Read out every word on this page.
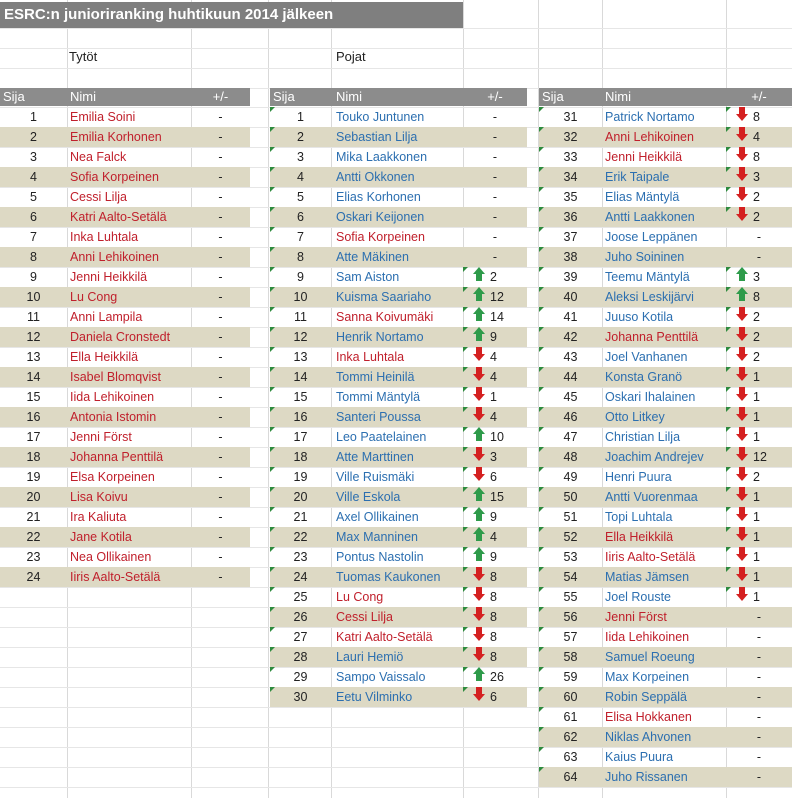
ESRC:n junioriranking huhtikuun 2014 jälkeen
Tytöt	Pojat
Sija	Nimi	+/-	Sija	Nimi	+/-	Sija	Nimi	+/-
1	Emilia Soini	-
2	Emilia Korhonen	-
3	Nea Falck	-
4	Sofia Korpeinen	-
5	Cessi Lilja	-
6	Katri Aalto-Setälä	-
7	Inka Luhtala	-
8	Anni Lehikoinen	-
9	Jenni Heikkilä	-
10	Lu Cong	-
11	Anni Lampila	-
12	Daniela Cronstedt	-
13	Ella Heikkilä	-
14	Isabel Blomqvist	-
15	Iida Lehikoinen	-
16	Antonia Istomin	-
17	Jenni Först	-
18	Johanna Penttilä	-
19	Elsa Korpeinen	-
20	Lisa Koivu	-
21	Ira Kaliuta	-
22	Jane Kotila	-
23	Nea Ollikainen	-
24	Iiris Aalto-Setälä	-
1	Touko Juntunen	-
2	Sebastian Lilja	-
3	Mika Laakkonen	-
4	Antti Okkonen	-
5	Elias Korhonen	-
6	Oskari Keijonen	-
7	Sofia Korpeinen	-
8	Atte Mäkinen	-
9	Sam Aiston	2
10	Kuisma Saariaho	12
11	Sanna Koivumäki	14
12	Henrik Nortamo	9
13	Inka Luhtala	4
14	Tommi Heinilä	4
15	Tommi Mäntylä	1
16	Santeri Poussa	4
17	Leo Paatelainen	10
18	Atte Marttinen	3
19	Ville Ruismäki	6
20	Ville Eskola	15
21	Axel Ollikainen	9
22	Max Manninen	4
23	Pontus Nastolin	9
24	Tuomas Kaukonen	8
25	Lu Cong	8
26	Cessi Lilja	8
27	Katri Aalto-Setälä	8
28	Lauri Hemiö	8
29	Sampo Vaissalo	26
30	Eetu Vilminko	6
31	Patrick Nortamo	8
32	Anni Lehikoinen	4
33	Jenni Heikkilä	8
34	Erik Taipale	3
35	Elias Mäntylä	2
36	Antti Laakkonen	2
37	Joose Leppänen	-
38	Juho Soininen	-
39	Teemu Mäntylä	3
40	Aleksi Leskijärvi	8
41	Juuso Kotila	2
42	Johanna Penttilä	2
43	Joel Vanhanen	2
44	Konsta Granö	1
45	Oskari Ihalainen	1
46	Otto Litkey	1
47	Christian Lilja	1
48	Joachim Andrejev	12
49	Henri Puura	2
50	Antti Vuorenmaa	1
51	Topi Luhtala	1
52	Ella Heikkilä	1
53	Iiris Aalto-Setälä	1
54	Matias Jämsen	1
55	Joel Rouste	1
56	Jenni Först	-
57	Iida Lehikoinen	-
58	Samuel Roeung	-
59	Max Korpeinen	-
60	Robin Seppälä	-
61	Elisa Hokkanen	-
62	Niklas Ahvonen	-
63	Kaius Puura	-
64	Juho Rissanen	-
